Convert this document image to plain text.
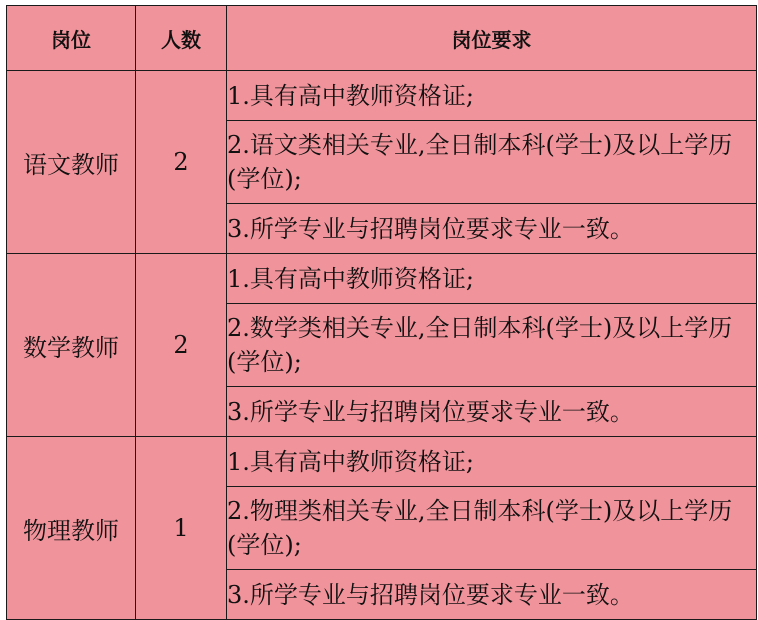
岗位	人数	岗位要求
语文教师	2	1.具有高中教师资格证;
		2.语文类相关专业,全日制本科(学士)及以上学历(学位);
		3.所学专业与招聘岗位要求专业一致。
数学教师	2	1.具有高中教师资格证;
		2.数学类相关专业,全日制本科(学士)及以上学历(学位);
		3.所学专业与招聘岗位要求专业一致。
物理教师	1	1.具有高中教师资格证;
		2.物理类相关专业,全日制本科(学士)及以上学历(学位);
		3.所学专业与招聘岗位要求专业一致。
